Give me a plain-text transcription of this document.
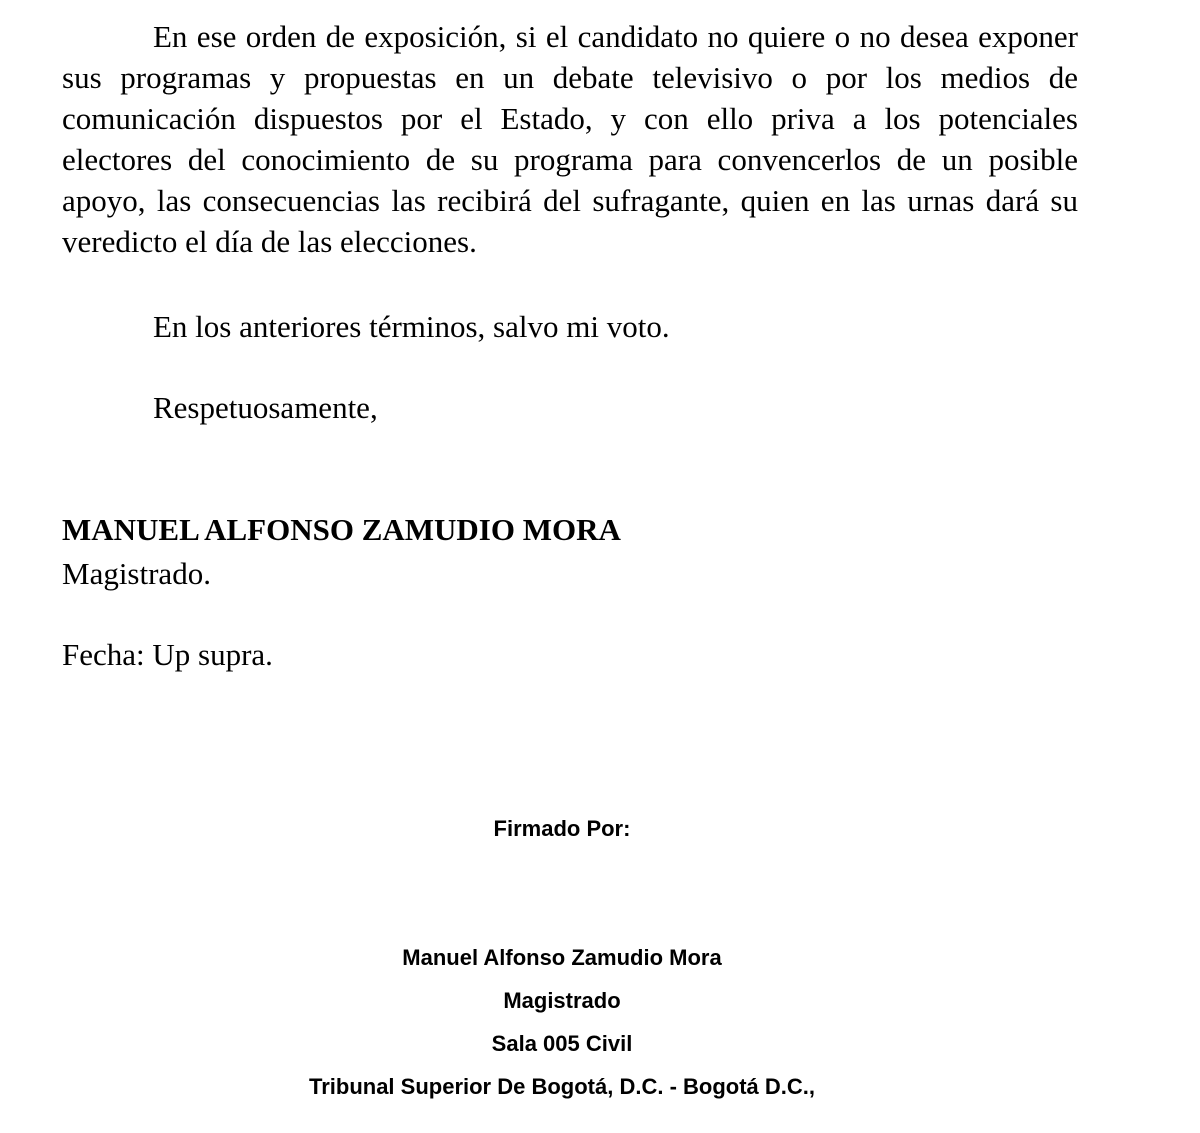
En ese orden de exposición, si el candidato no quiere o no desea exponer sus programas y propuestas en un debate televisivo o por los medios de comunicación dispuestos por el Estado, y con ello priva a los potenciales electores del conocimiento de su programa para convencerlos de un posible apoyo, las consecuencias las recibirá del sufragante, quien en las urnas dará su veredicto el día de las elecciones.

En los anteriores términos, salvo mi voto.

Respetuosamente,

MANUEL ALFONSO ZAMUDIO MORA

Magistrado.

Fecha: Up supra.

Firmado Por:

Manuel Alfonso Zamudio Mora

Magistrado

Sala 005 Civil

Tribunal Superior De Bogotá, D.C. - Bogotá D.C.,
